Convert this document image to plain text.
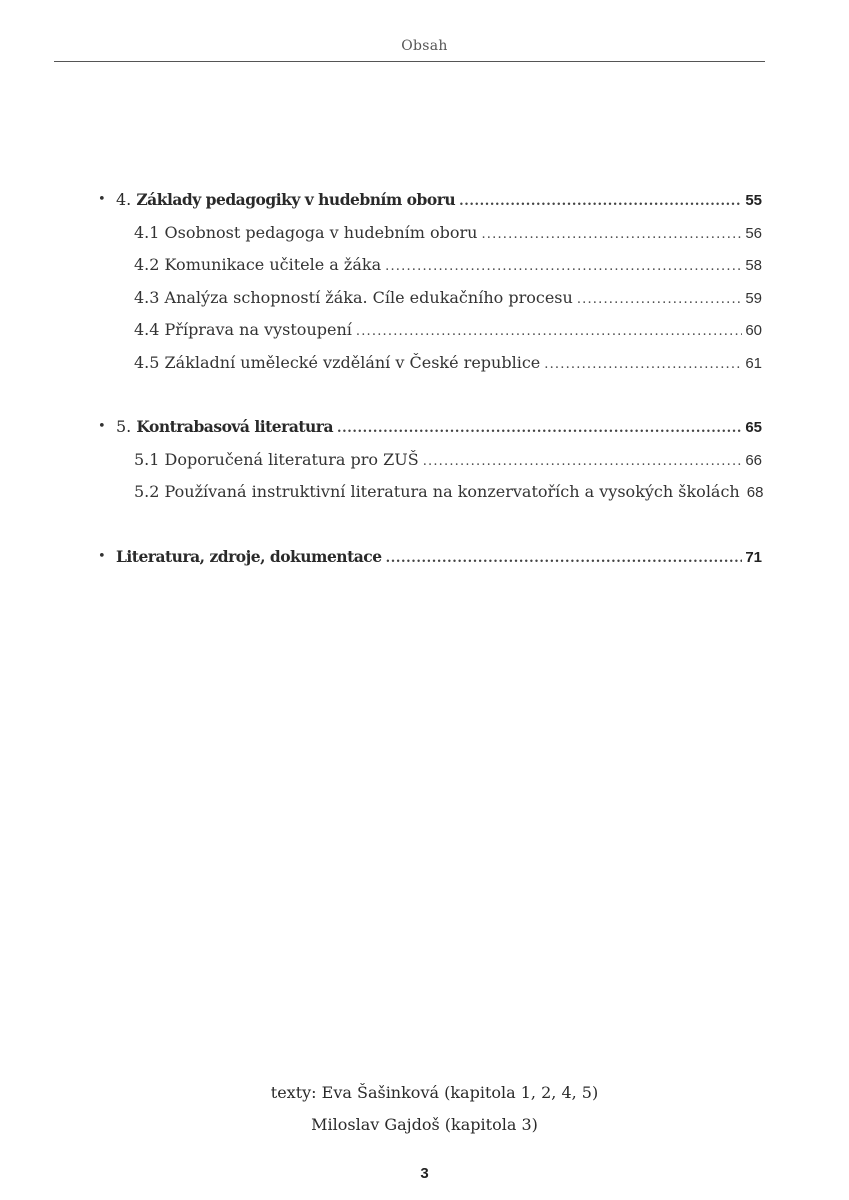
Obsah
• 4. Základy pedagogiky v hudebním oboru .....	55
4.1 Osobnost pedagoga v hudebním oboru .....	56
4.2 Komunikace učitele a žáka .....	58
4.3 Analýza schopností žáka. Cíle edukačního procesu .....	59
4.4 Příprava na vystoupení .....	60
4.5 Základní umělecké vzdělání v České republice .....	61
• 5. Kontrabasová literatura .....	65
5.1 Doporučená literatura pro ZUŠ .....	66
5.2 Používaná instruktivní literatura na konzervatořích a vysokých školách 68
• Literatura, zdroje, dokumentace .....	71
texty: Eva Šašinková (kapitola 1, 2, 4, 5)
Miloslav Gajdoš (kapitola 3)
3
